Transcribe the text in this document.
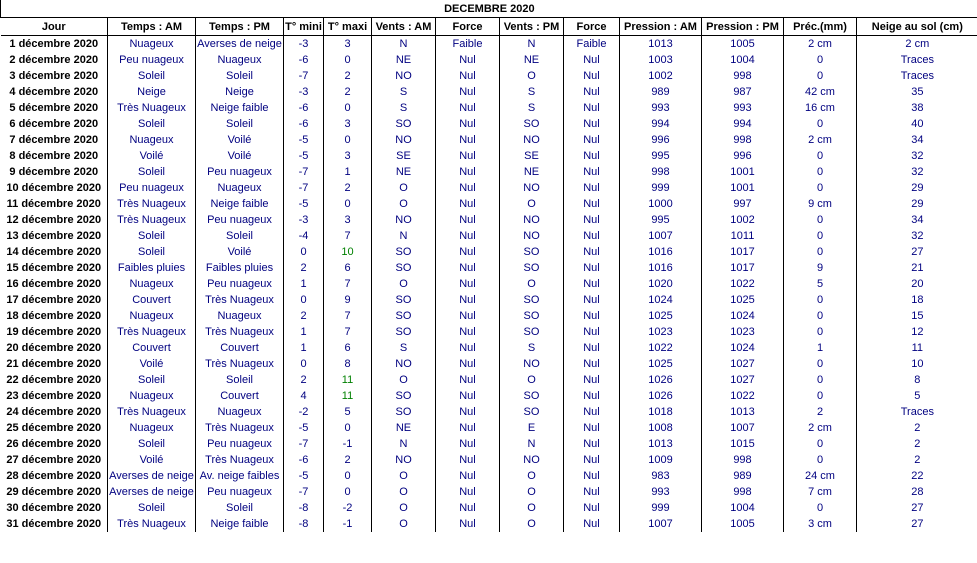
DECEMBRE 2020												
Jour	Temps : AM	Temps : PM	T° mini	T° maxi	Vents : AM	Force	Vents : PM	Force	Pression : AM	Pression : PM	Préc.(mm)	Neige au sol (cm)
1 décembre 2020	Nuageux	Averses de neige	-3	3	N	Faible	N	Faible	1013	1005	2 cm	2 cm
2 décembre 2020	Peu nuageux	Nuageux	-6	0	NE	Nul	NE	Nul	1003	1004	0	Traces
3 décembre 2020	Soleil	Soleil	-7	2	NO	Nul	O	Nul	1002	998	0	Traces
4 décembre 2020	Neige	Neige	-3	2	S	Nul	S	Nul	989	987	42 cm	35
5 décembre 2020	Très Nuageux	Neige faible	-6	0	S	Nul	S	Nul	993	993	16 cm	38
6 décembre 2020	Soleil	Soleil	-6	3	SO	Nul	SO	Nul	994	994	0	40
7 décembre 2020	Nuageux	Voilé	-5	0	NO	Nul	NO	Nul	996	998	2 cm	34
8 décembre 2020	Voilé	Voilé	-5	3	SE	Nul	SE	Nul	995	996	0	32
9 décembre 2020	Soleil	Peu nuageux	-7	1	NE	Nul	NE	Nul	998	1001	0	32
10 décembre 2020	Peu nuageux	Nuageux	-7	2	O	Nul	NO	Nul	999	1001	0	29
11 décembre 2020	Très Nuageux	Neige faible	-5	0	O	Nul	O	Nul	1000	997	9 cm	29
12 décembre 2020	Très Nuageux	Peu nuageux	-3	3	NO	Nul	NO	Nul	995	1002	0	34
13 décembre 2020	Soleil	Soleil	-4	7	N	Nul	NO	Nul	1007	1011	0	32
14 décembre 2020	Soleil	Voilé	0	10	SO	Nul	SO	Nul	1016	1017	0	27
15 décembre 2020	Faibles pluies	Faibles pluies	2	6	SO	Nul	SO	Nul	1016	1017	9	21
16 décembre 2020	Nuageux	Peu nuageux	1	7	O	Nul	O	Nul	1020	1022	5	20
17 décembre 2020	Couvert	Très Nuageux	0	9	SO	Nul	SO	Nul	1024	1025	0	18
18 décembre 2020	Nuageux	Nuageux	2	7	SO	Nul	SO	Nul	1025	1024	0	15
19 décembre 2020	Très Nuageux	Très Nuageux	1	7	SO	Nul	SO	Nul	1023	1023	0	12
20 décembre 2020	Couvert	Couvert	1	6	S	Nul	S	Nul	1022	1024	1	11
21 décembre 2020	Voilé	Très Nuageux	0	8	NO	Nul	NO	Nul	1025	1027	0	10
22 décembre 2020	Soleil	Soleil	2	11	O	Nul	O	Nul	1026	1027	0	8
23 décembre 2020	Nuageux	Couvert	4	11	SO	Nul	SO	Nul	1026	1022	0	5
24 décembre 2020	Très Nuageux	Nuageux	-2	5	SO	Nul	SO	Nul	1018	1013	2	Traces
25 décembre 2020	Nuageux	Très Nuageux	-5	0	NE	Nul	E	Nul	1008	1007	2 cm	2
26 décembre 2020	Soleil	Peu nuageux	-7	-1	N	Nul	N	Nul	1013	1015	0	2
27 décembre 2020	Voilé	Très Nuageux	-6	2	NO	Nul	NO	Nul	1009	998	0	2
28 décembre 2020	Averses de neige	Av. neige faibles	-5	0	O	Nul	O	Nul	983	989	24 cm	22
29 décembre 2020	Averses de neige	Peu nuageux	-7	0	O	Nul	O	Nul	993	998	7 cm	28
30 décembre 2020	Soleil	Soleil	-8	-2	O	Nul	O	Nul	999	1004	0	27
31 décembre 2020	Très Nuageux	Neige faible	-8	-1	O	Nul	O	Nul	1007	1005	3 cm	27
